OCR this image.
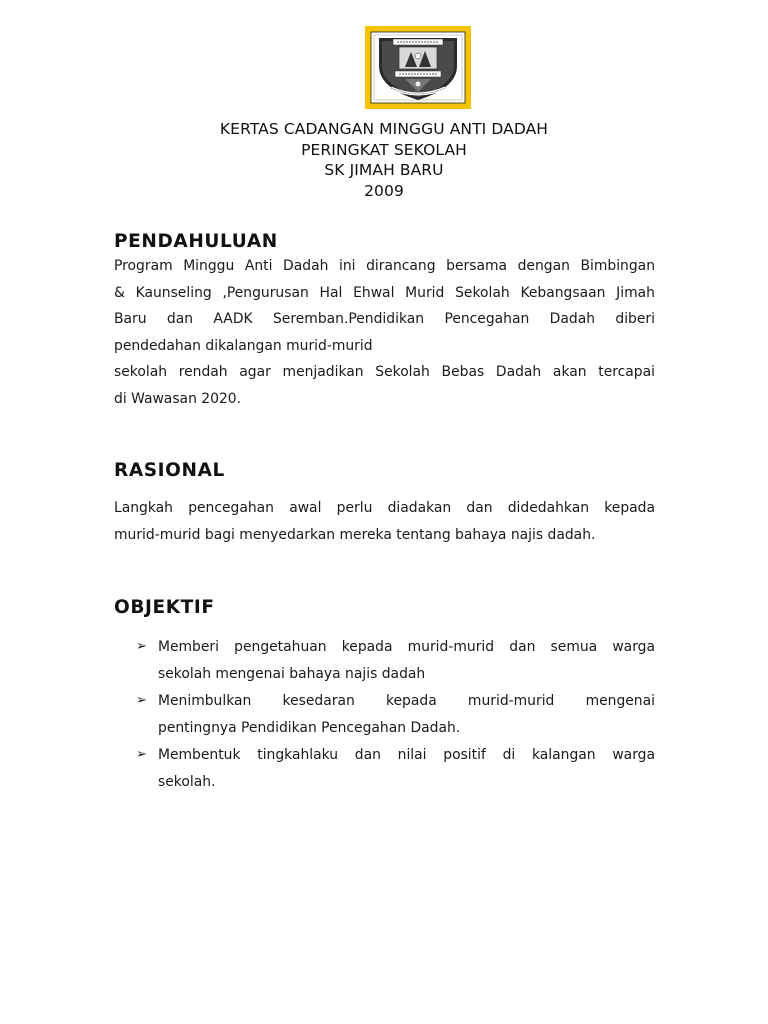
KERTAS CADANGAN MINGGU ANTI DADAH
PERINGKAT SEKOLAH
SK JIMAH BARU
2009
PENDAHULUAN
Program Minggu Anti Dadah ini dirancang bersama dengan Bimbingan
& Kaunseling ,Pengurusan Hal Ehwal Murid Sekolah Kebangsaan Jimah
Baru dan AADK Seremban.Pendidikan Pencegahan Dadah diberi
pendedahan dikalangan murid-murid
sekolah rendah agar menjadikan Sekolah Bebas Dadah akan tercapai
di Wawasan 2020.
RASIONAL
Langkah pencegahan awal perlu diadakan dan didedahkan kepada
murid-murid bagi menyedarkan mereka tentang bahaya najis dadah.
OBJEKTIF
➢ Memberi pengetahuan kepada murid-murid dan semua warga
sekolah mengenai bahaya najis dadah
➢ Menimbulkan kesedaran kepada murid-murid mengenai
pentingnya Pendidikan Pencegahan Dadah.
➢ Membentuk tingkahlaku dan nilai positif di kalangan warga
sekolah.
